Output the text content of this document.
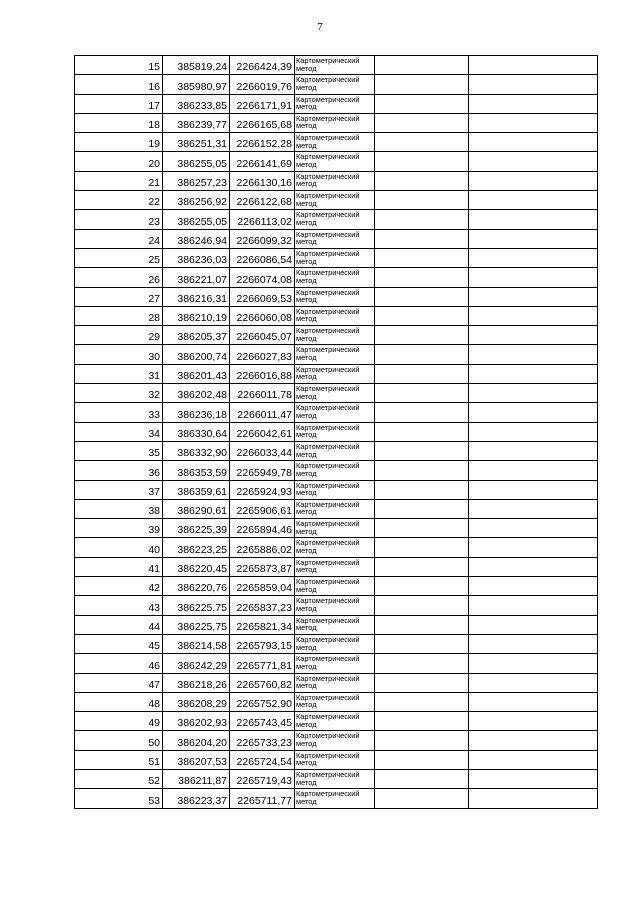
7
15	385819,24	2266424,39	Картометрический метод		
16	385980,97	2266019,76	Картометрический метод		
17	386233,85	2266171,91	Картометрический метод		
18	386239,77	2266165,68	Картометрический метод		
19	386251,31	2266152,28	Картометрический метод		
20	386255,05	2266141,69	Картометрический метод		
21	386257,23	2266130,16	Картометрический метод		
22	386256,92	2266122,68	Картометрический метод		
23	386255,05	2266113,02	Картометрический метод		
24	386246,94	2266099,32	Картометрический метод		
25	386236,03	2266086,54	Картометрический метод		
26	386221,07	2266074,08	Картометрический метод		
27	386216,31	2266069,53	Картометрический метод		
28	386210,19	2266060,08	Картометрический метод		
29	386205,37	2266045,07	Картометрический метод		
30	386200,74	2266027,83	Картометрический метод		
31	386201,43	2266016,88	Картометрический метод		
32	386202,48	2266011,78	Картометрический метод		
33	386236,18	2266011,47	Картометрический метод		
34	386330,64	2266042,61	Картометрический метод		
35	386332,90	2266033,44	Картометрический метод		
36	386353,59	2265949,78	Картометрический метод		
37	386359,61	2265924,93	Картометрический метод		
38	386290,61	2265906,61	Картометрический метод		
39	386225,39	2265894,46	Картометрический метод		
40	386223,25	2265886,02	Картометрический метод		
41	386220,45	2265873,87	Картометрический метод		
42	386220,76	2265859,04	Картометрический метод		
43	386225,75	2265837,23	Картометрический метод		
44	386225,75	2265821,34	Картометрический метод		
45	386214,58	2265793,15	Картометрический метод		
46	386242,29	2265771,81	Картометрический метод		
47	386218,26	2265760,82	Картометрический метод		
48	386208,29	2265752,90	Картометрический метод		
49	386202,93	2265743,45	Картометрический метод		
50	386204,20	2265733,23	Картометрический метод		
51	386207,53	2265724,54	Картометрический метод		
52	386211,87	2265719,43	Картометрический метод		
53	386223,37	2265711,77	Картометрический метод		
